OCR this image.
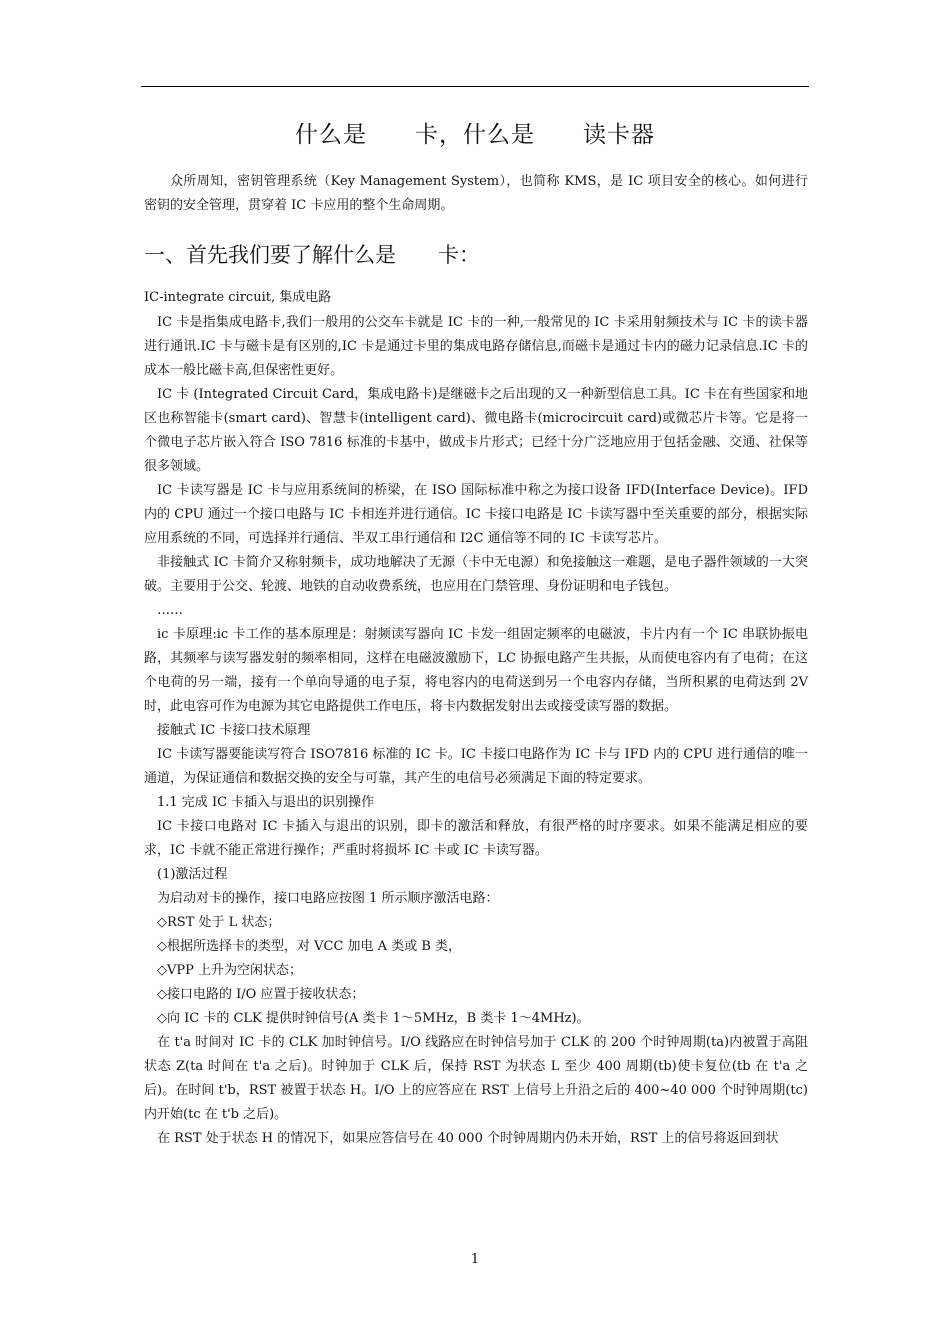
什么是　　卡，什么是　　读卡器

众所周知，密钥管理系统（Key Management System），也简称 KMS，是 IC 项目安全的核心。如何进行 密钥的安全管理，贯穿着 IC 卡应用的整个生命周期。

一、首先我们要了解什么是　　卡：

IC-integrate circuit, 集成电路

IC 卡是指集成电路卡,我们一般用的公交车卡就是 IC 卡的一种,一般常见的 IC 卡采用射频技术与 IC 卡的读卡器进行通讯.IC 卡与磁卡是有区别的,IC 卡是通过卡里的集成电路存储信息,而磁卡是通过卡内的磁力记录信息.IC 卡的成本一般比磁卡高,但保密性更好。

IC 卡 (Integrated Circuit Card，集成电路卡)是继磁卡之后出现的又一种新型信息工具。IC 卡在有些国家和地区也称智能卡(smart card)、智慧卡(intelligent card)、微电路卡(microcircuit card)或微芯片卡等。它是将一个微电子芯片嵌入符合 ISO 7816 标准的卡基中，做成卡片形式；已经十分广泛地应用于包括金融、交通、社保等很多领域。

IC 卡读写器是 IC 卡与应用系统间的桥梁，在 ISO 国际标准中称之为接口设备 IFD(Interface Device)。IFD 内的 CPU 通过一个接口电路与 IC 卡相连并进行通信。IC 卡接口电路是 IC 卡读写器中至关重要的部分，根据实际应用系统的不同，可选择并行通信、半双工串行通信和 I2C 通信等不同的 IC 卡读写芯片。

非接触式 IC 卡简介又称射频卡，成功地解决了无源（卡中无电源）和免接触这一难题，是电子器件领域的一大突破。主要用于公交、轮渡、地铁的自动收费系统，也应用在门禁管理、身份证明和电子钱包。

……

ic 卡原理:ic 卡工作的基本原理是：射频读写器向 IC 卡发一组固定频率的电磁波，卡片内有一个 IC 串联协振电路，其频率与读写器发射的频率相同，这样在电磁波激励下，LC 协振电路产生共振，从而使电容内有了电荷；在这个电荷的另一端，接有一个单向导通的电子泵，将电容内的电荷送到另一个电容内存储，当所积累的电荷达到 2V 时，此电容可作为电源为其它电路提供工作电压，将卡内数据发射出去或接受读写器的数据。

接触式 IC 卡接口技术原理

IC 卡读写器要能读写符合 ISO7816 标准的 IC 卡。IC 卡接口电路作为 IC 卡与 IFD 内的 CPU 进行通信的唯一通道，为保证通信和数据交换的安全与可靠，其产生的电信号必须满足下面的特定要求。

1.1 完成 IC 卡插入与退出的识别操作

IC 卡接口电路对 IC 卡插入与退出的识别，即卡的激活和释放，有很严格的时序要求。如果不能满足相应的要求，IC 卡就不能正常进行操作；严重时将损坏 IC 卡或 IC 卡读写器。

(1)激活过程

为启动对卡的操作，接口电路应按图 1 所示顺序激活电路：

◇RST 处于 L 状态；

◇根据所选择卡的类型，对 VCC 加电 A 类或 B 类，

◇VPP 上升为空闲状态；

◇接口电路的 I/O 应置于接收状态；

◇向 IC 卡的 CLK 提供时钟信号(A 类卡 1～5MHz，B 类卡 1～4MHz)。

在 t'a 时间对 IC 卡的 CLK 加时钟信号。I/O 线路应在时钟信号加于 CLK 的 200 个时钟周期(ta)内被置于高阻状态 Z(ta 时间在 t'a 之后)。时钟加于 CLK 后，保持 RST 为状态 L 至少 400 周期(tb)使卡复位(tb 在 t'a 之后)。在时间 t'b，RST 被置于状态 H。I/O 上的应答应在 RST 上信号上升沿之后的 400~40 000 个时钟周期(tc)内开始(tc 在 t'b 之后)。

在 RST 处于状态 H 的情况下，如果应答信号在 40 000 个时钟周期内仍未开始，RST 上的信号将返回到状

1
